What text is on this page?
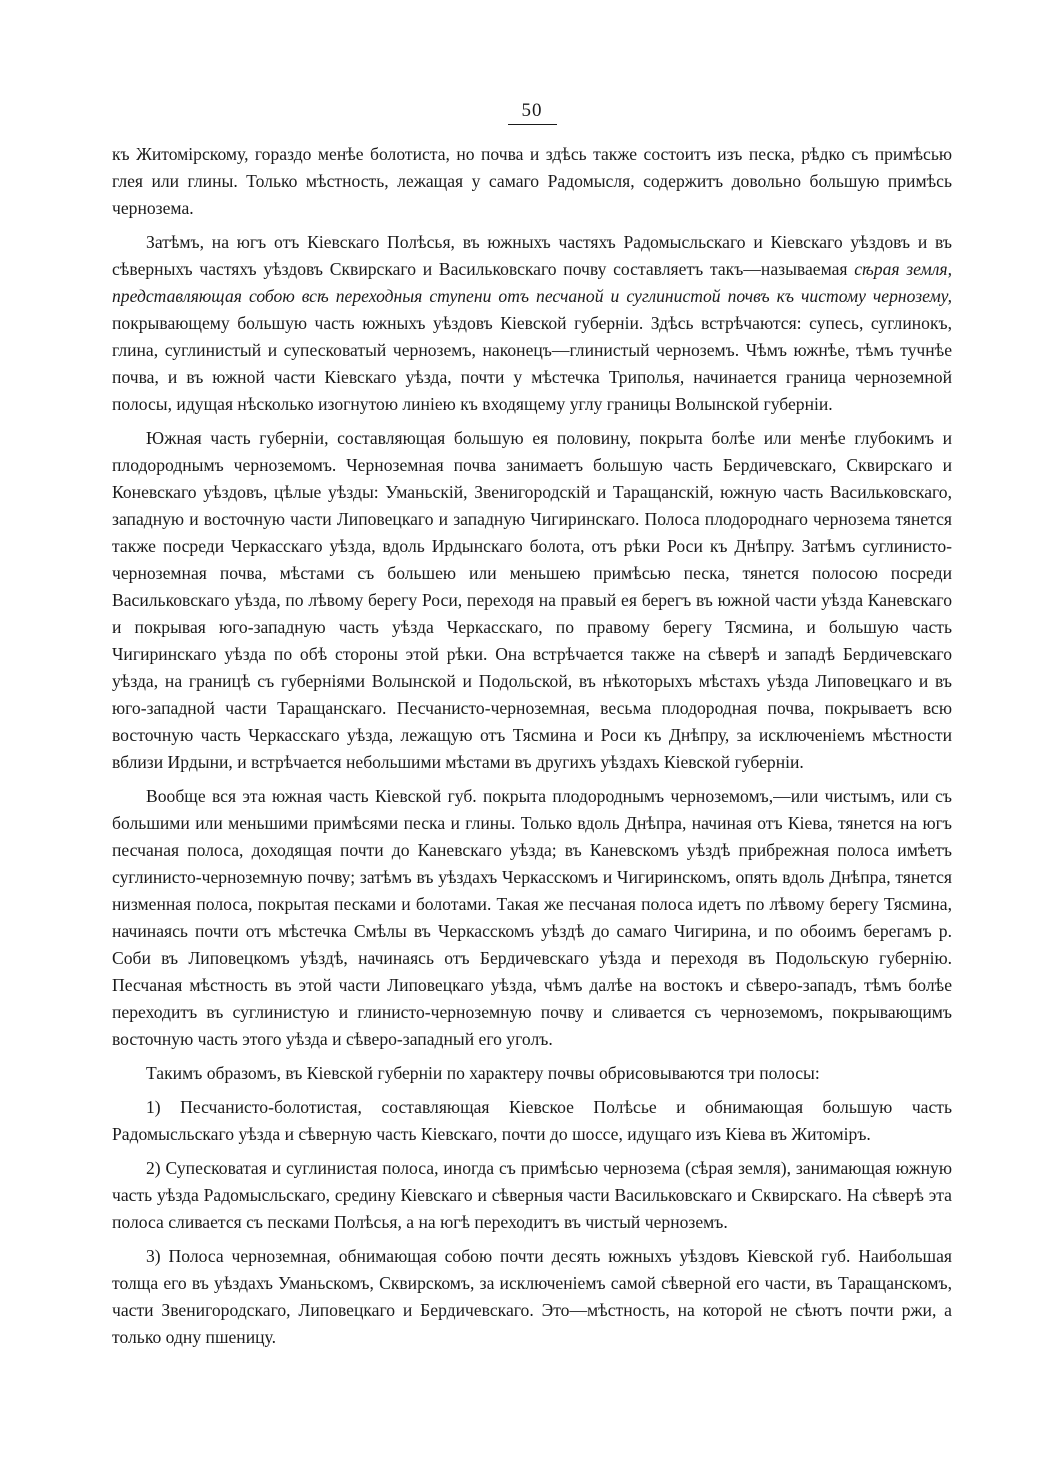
50

къ Житомірскому, гораздо менѣе болотиста, но почва и здѣсь также состоитъ изъ песка, рѣдко съ примѣсью глея или глины. Только мѣстность, лежащая у самаго Радомысля, содержитъ довольно большую примѣсь чернозема.

Затѣмъ, на югъ отъ Кіевскаго Полѣсья, въ южныхъ частяхъ Радомысльскаго и Кіевскаго уѣздовъ и въ сѣверныхъ частяхъ уѣздовъ Сквирскаго и Васильковскаго почву составляетъ такъ—называемая сѣрая земля, представляющая собою всѣ переходныя ступени отъ песчаной и суглинистой почвъ къ чистому чернозему, покрывающему большую часть южныхъ уѣздовъ Кіевской губерніи. Здѣсь встрѣчаются: супесь, суглинокъ, глина, суглинистый и супесковатый черноземъ, наконецъ—глинистый черноземъ. Чѣмъ южнѣе, тѣмъ тучнѣе почва, и въ южной части Кіевскаго уѣзда, почти у мѣстечка Триполья, начинается граница черноземной полосы, идущая нѣсколько изогнутою линіею къ входящему углу границы Волынской губерніи.

Южная часть губерніи, составляющая большую ея половину, покрыта болѣе или менѣе глубокимъ и плодороднымъ черноземомъ. Черноземная почва занимаетъ большую часть Бердичевскаго, Сквирскаго и Коневскаго уѣздовъ, цѣлые уѣзды: Уманьскій, Звенигородскій и Таращанскій, южную часть Васильковскаго, западную и восточную части Липовецкаго и западную Чигиринскаго. Полоса плодороднаго чернозема тянется также посреди Черкасскаго уѣзда, вдоль Ирдынскаго болота, отъ рѣки Роси къ Днѣпру. Затѣмъ суглинисто-черноземная почва, мѣстами съ большею или меньшею примѣсью песка, тянется полосою посреди Васильковскаго уѣзда, по лѣвому берегу Роси, переходя на правый ея берегъ въ южной части уѣзда Каневскаго и покрывая юго-западную часть уѣзда Черкасскаго, по правому берегу Тясмина, и большую часть Чигиринскаго уѣзда по обѣ стороны этой рѣки. Она встрѣчается также на сѣверѣ и западѣ Бердичевскаго уѣзда, на границѣ съ губерніями Волынской и Подольской, въ нѣкоторыхъ мѣстахъ уѣзда Липовецкаго и въ юго-западной части Таращанскаго. Песчанисто-черноземная, весьма плодородная почва, покрываетъ всю восточную часть Черкасскаго уѣзда, лежащую отъ Тясмина и Роси къ Днѣпру, за исключеніемъ мѣстности вблизи Ирдыни, и встрѣчается небольшими мѣстами въ другихъ уѣздахъ Кіевской губерніи.

Вообще вся эта южная часть Кіевской губ. покрыта плодороднымъ черноземомъ,—или чистымъ, или съ большими или меньшими примѣсями песка и глины. Только вдоль Днѣпра, начиная отъ Кіева, тянется на югъ песчаная полоса, доходящая почти до Каневскаго уѣзда; въ Каневскомъ уѣздѣ прибрежная полоса имѣетъ суглинисто-черноземную почву; затѣмъ въ уѣздахъ Черкасскомъ и Чигиринскомъ, опять вдоль Днѣпра, тянется низменная полоса, покрытая песками и болотами. Такая же песчаная полоса идетъ по лѣвому берегу Тясмина, начинаясь почти отъ мѣстечка Смѣлы въ Черкасскомъ уѣздѣ до самаго Чигирина, и по обоимъ берегамъ р. Соби въ Липовецкомъ уѣздѣ, начинаясь отъ Бердичевскаго уѣзда и переходя въ Подольскую губернію. Песчаная мѣстность въ этой части Липовецкаго уѣзда, чѣмъ далѣе на востокъ и сѣверо-западъ, тѣмъ болѣе переходитъ въ суглинистую и глинисто-черноземную почву и сливается съ черноземомъ, покрывающимъ восточную часть этого уѣзда и сѣверо-западный его уголъ.

Такимъ образомъ, въ Кіевской губерніи по характеру почвы обрисовываются три полосы:

1) Песчанисто-болотистая, составляющая Кіевское Полѣсье и обнимающая большую часть Радомысльскаго уѣзда и сѣверную часть Кіевскаго, почти до шоссе, идущаго изъ Кіева въ Житоміръ.

2) Супесковатая и суглинистая полоса, иногда съ примѣсью чернозема (сѣрая земля), занимающая южную часть уѣзда Радомысльскаго, средину Кіевскаго и сѣверныя части Васильковскаго и Сквирскаго. На сѣверѣ эта полоса сливается съ песками Полѣсья, а на югѣ переходитъ въ чистый черноземъ.

3) Полоса черноземная, обнимающая собою почти десять южныхъ уѣздовъ Кіевской губ. Наибольшая толща его въ уѣздахъ Уманьскомъ, Сквирскомъ, за исключеніемъ самой сѣверной его части, въ Таращанскомъ, части Звенигородскаго, Липовецкаго и Бердичевскаго. Это—мѣстность, на которой не сѣютъ почти ржи, а только одну пшеницу.
